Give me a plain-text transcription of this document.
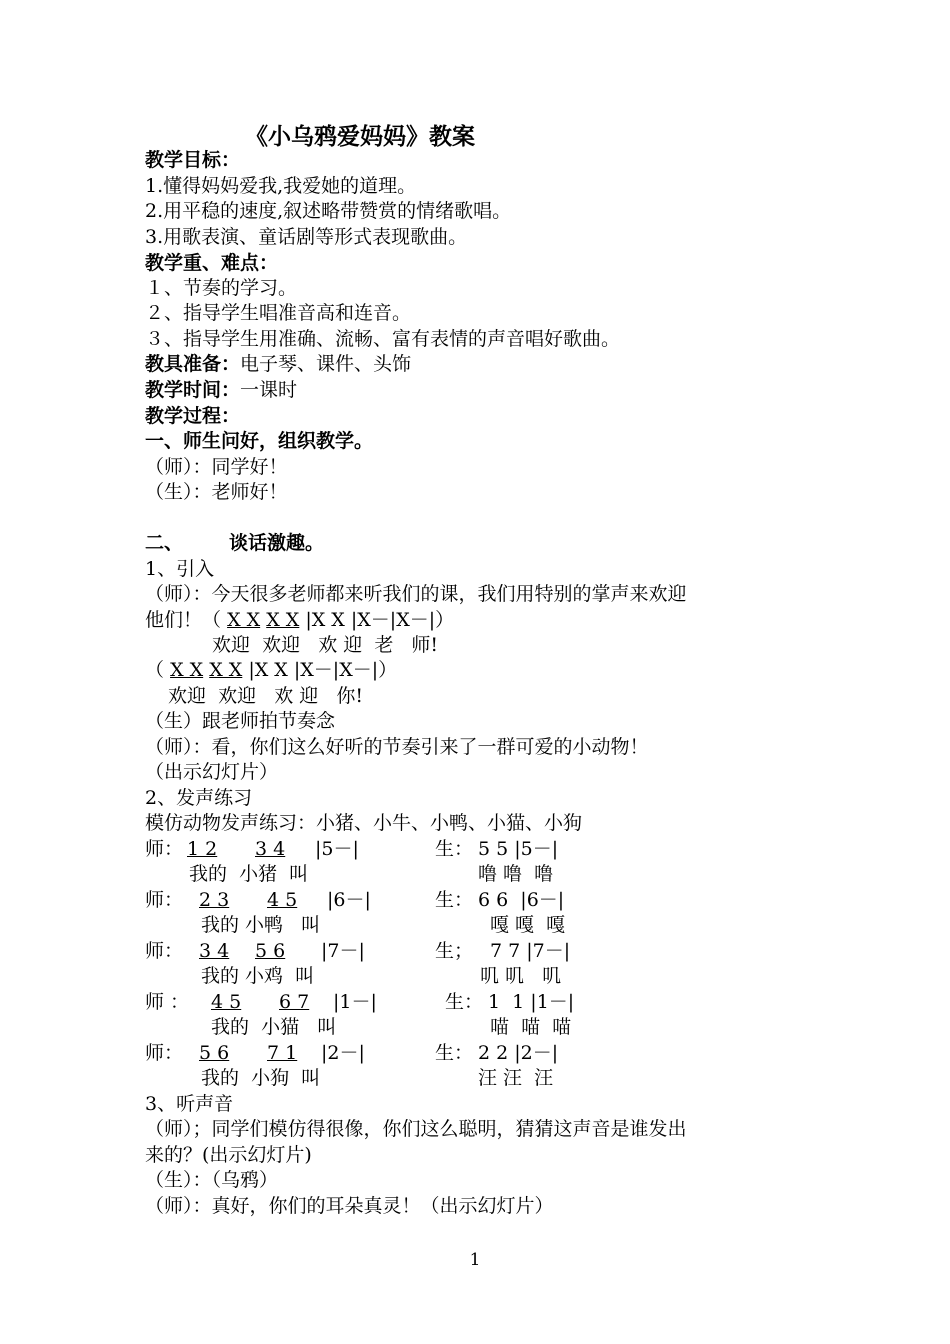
《小乌鸦爱妈妈》教案
教学目标：
1.懂得妈妈爱我,我爱她的道理。
2.用平稳的速度,叙述略带赞赏的情绪歌唱。
3.用歌表演、童话剧等形式表现歌曲。
教学重、难点：
１、节奏的学习。
２、指导学生唱准音高和连音。
３、指导学生用准确、流畅、富有表情的声音唱好歌曲。
教具准备：电子琴、课件、头饰
教学时间：一课时
教学过程：
一、师生问好，组织教学。
（师）：同学好！
（生）：老师好！
二、 谈话激趣。
1、引入
（师）：今天很多老师都来听我们的课，我们用特别的掌声来欢迎
他们！（ X X X X |X X |X－|X－|）
欢迎  欢迎   欢 迎  老   师!
（ X X X X |X X |X－|X－|）
欢迎  欢迎   欢 迎   你!
（生）跟老师拍节奏念
（师）：看，你们这么好听的节奏引来了一群可爱的小动物！
（出示幻灯片）
2、发声练习
模仿动物发声练习：小猪、小牛、小鸭、小猫、小狗
师： 1 2 3 4 |5－|	生： 5 5 |5－|
我的  小猪  叫	噜 噜  噜
师： 2 3 4 5 |6－|	生： 6 6  |6－|
我的 小鸭   叫	嘎 嘎  嘎
师： 3 4 5 6 |7－|	生； 7 7 |7－|
我的 小鸡  叫	叽 叽   叽
师 ： 4 5 6 7 |1－|	生： 1  1 |1－|
我的  小猫   叫	喵  喵  喵
师： 5 6 7 1 |2－|	生： 2 2 |2－|
我的  小狗  叫	汪 汪  汪
3、听声音
（师）；同学们模仿得很像，你们这么聪明，猜猜这声音是谁发出
来的？(出示幻灯片)
（生）：（乌鸦）
（师）：真好，你们的耳朵真灵！（出示幻灯片）
1
